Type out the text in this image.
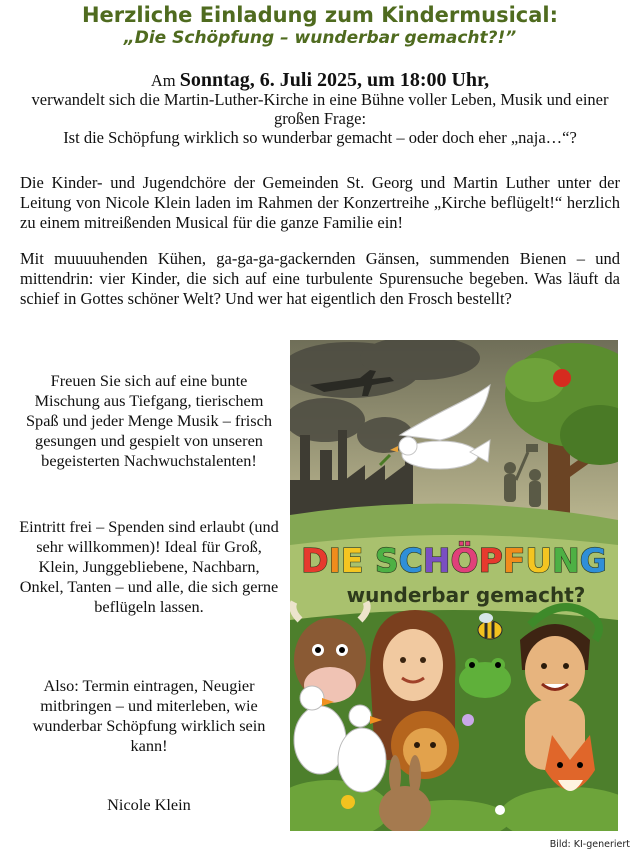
Herzliche Einladung zum Kindermusical:
„Die Schöpfung – wunderbar gemacht?!”
Am Sonntag, 6. Juli 2025, um 18:00 Uhr,
verwandelt sich die Martin-Luther-Kirche in eine Bühne voller Leben, Musik und einer großen Frage:
Ist die Schöpfung wirklich so wunderbar gemacht – oder doch eher „naja…“?
Die Kinder- und Jugendchöre der Gemeinden St. Georg und Martin Luther unter der Leitung von Nicole Klein laden im Rahmen der Konzertreihe „Kirche beflügelt!“ herzlich zu einem mitreißenden Musical für die ganze Familie ein!
Mit muuuuhenden Kühen, ga-ga-ga-gackernden Gänsen, summenden Bienen – und mittendrin: vier Kinder, die sich auf eine turbulente Spurensuche begeben. Was läuft da schief in Gottes schöner Welt? Und wer hat eigentlich den Frosch bestellt?
Freuen Sie sich auf eine bunte Mischung aus Tiefgang, tierischem Spaß und jeder Menge Musik – frisch gesungen und gespielt von unseren begeisterten Nachwuchstalenten!
Eintritt frei – Spenden sind erlaubt (und sehr willkommen)! Ideal für Groß, Klein, Junggebliebene, Nachbarn, Onkel, Tanten – und alle, die sich gerne beflügeln lassen.
Also: Termin eintragen, Neugier mitbringen – und miterleben, wie wunderbar Schöpfung wirklich sein kann!
Nicole Klein
DIE SCHÖPFUNG
wunderbar gemacht?
Bild: KI-generiert
